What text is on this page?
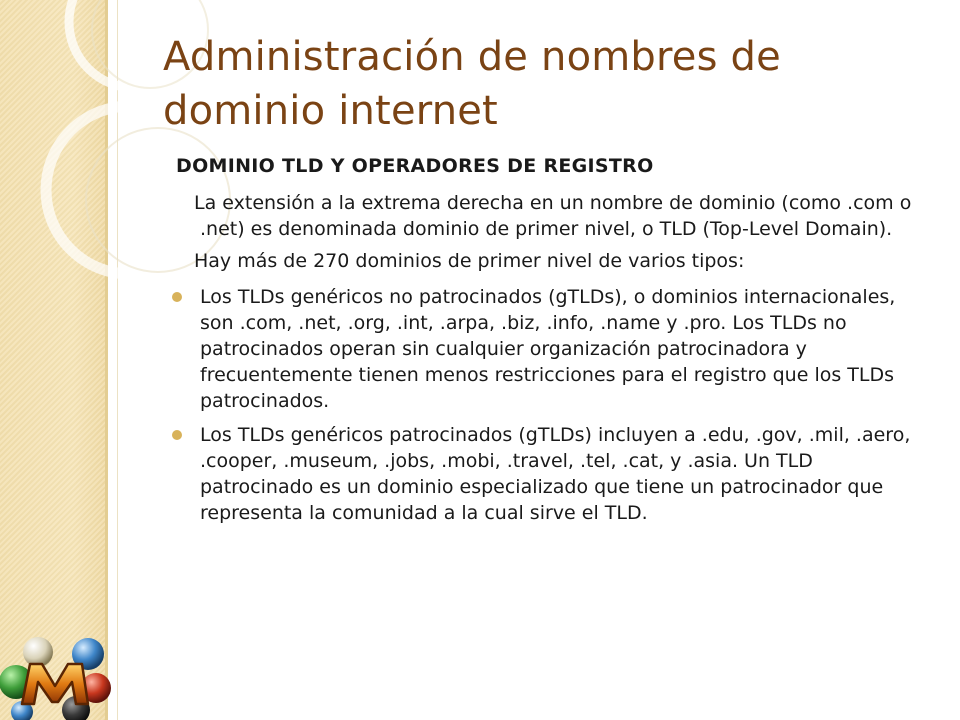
Administración de nombres de dominio internet
DOMINIO TLD Y OPERADORES DE REGISTRO

La extensión a la extrema derecha en un nombre de dominio (como .com o .net) es denominada dominio de primer nivel, o TLD (Top-Level Domain).

Hay más de 270 dominios de primer nivel de varios tipos:

Los TLDs genéricos no patrocinados (gTLDs), o dominios internacionales, son .com, .net, .org, .int, .arpa, .biz, .info, .name y .pro. Los TLDs no patrocinados operan sin cualquier organización patrocinadora y frecuentemente tienen menos restricciones para el registro que los TLDs patrocinados.
Los TLDs genéricos patrocinados (gTLDs) incluyen a .edu, .gov, .mil, .aero, .cooper, .museum, .jobs, .mobi, .travel, .tel, .cat, y .asia. Un TLD patrocinado es un dominio especializado que tiene un patrocinador que representa la comunidad a la cual sirve el TLD.
